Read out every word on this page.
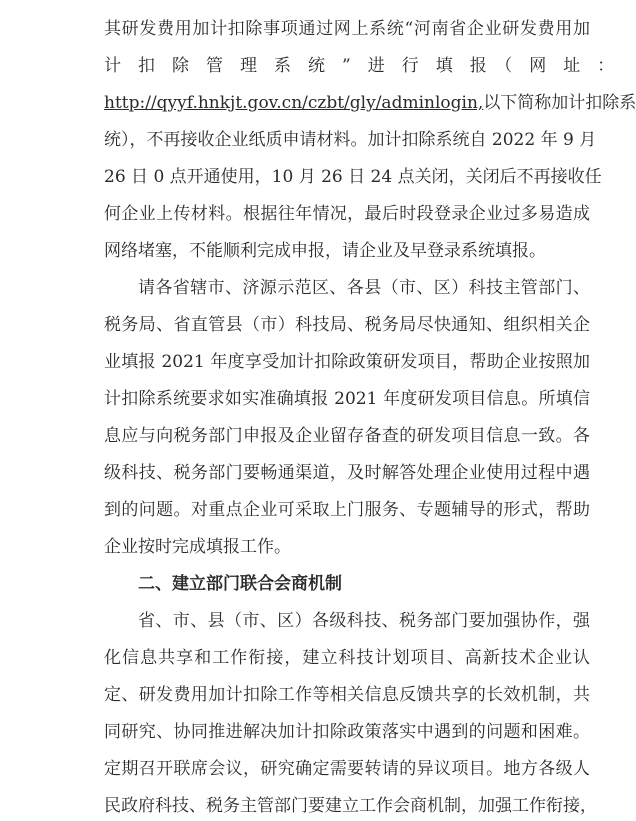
其研发费用加计扣除事项通过网上系统“河南省企业研发费用加
计　扣　除　管　理　系　统　”　进　行　填　报　（　网　址　：
http://qyyf.hnkjt.gov.cn/czbt/gly/adminlogin,以下简称加计扣除系
统），不再接收企业纸质申请材料。加计扣除系统自 2022 年 9 月
26 日 0 点开通使用，10 月 26 日 24 点关闭，关闭后不再接收任
何企业上传材料。根据往年情况，最后时段登录企业过多易造成
网络堵塞，不能顺利完成申报，请企业及早登录系统填报。
请各省辖市、济源示范区、各县（市、区）科技主管部门、
税务局、省直管县（市）科技局、税务局尽快通知、组织相关企
业填报 2021 年度享受加计扣除政策研发项目，帮助企业按照加
计扣除系统要求如实准确填报 2021 年度研发项目信息。所填信
息应与向税务部门申报及企业留存备查的研发项目信息一致。各
级科技、税务部门要畅通渠道，及时解答处理企业使用过程中遇
到的问题。对重点企业可采取上门服务、专题辅导的形式，帮助
企业按时完成填报工作。
二、建立部门联合会商机制
省、市、县（市、区）各级科技、税务部门要加强协作，强
化信息共享和工作衔接，建立科技计划项目、高新技术企业认
定、研发费用加计扣除工作等相关信息反馈共享的长效机制，共
同研究、协同推进解决加计扣除政策落实中遇到的问题和困难。
定期召开联席会议，研究确定需要转请的异议项目。地方各级人
民政府科技、税务主管部门要建立工作会商机制，加强工作衔接，
